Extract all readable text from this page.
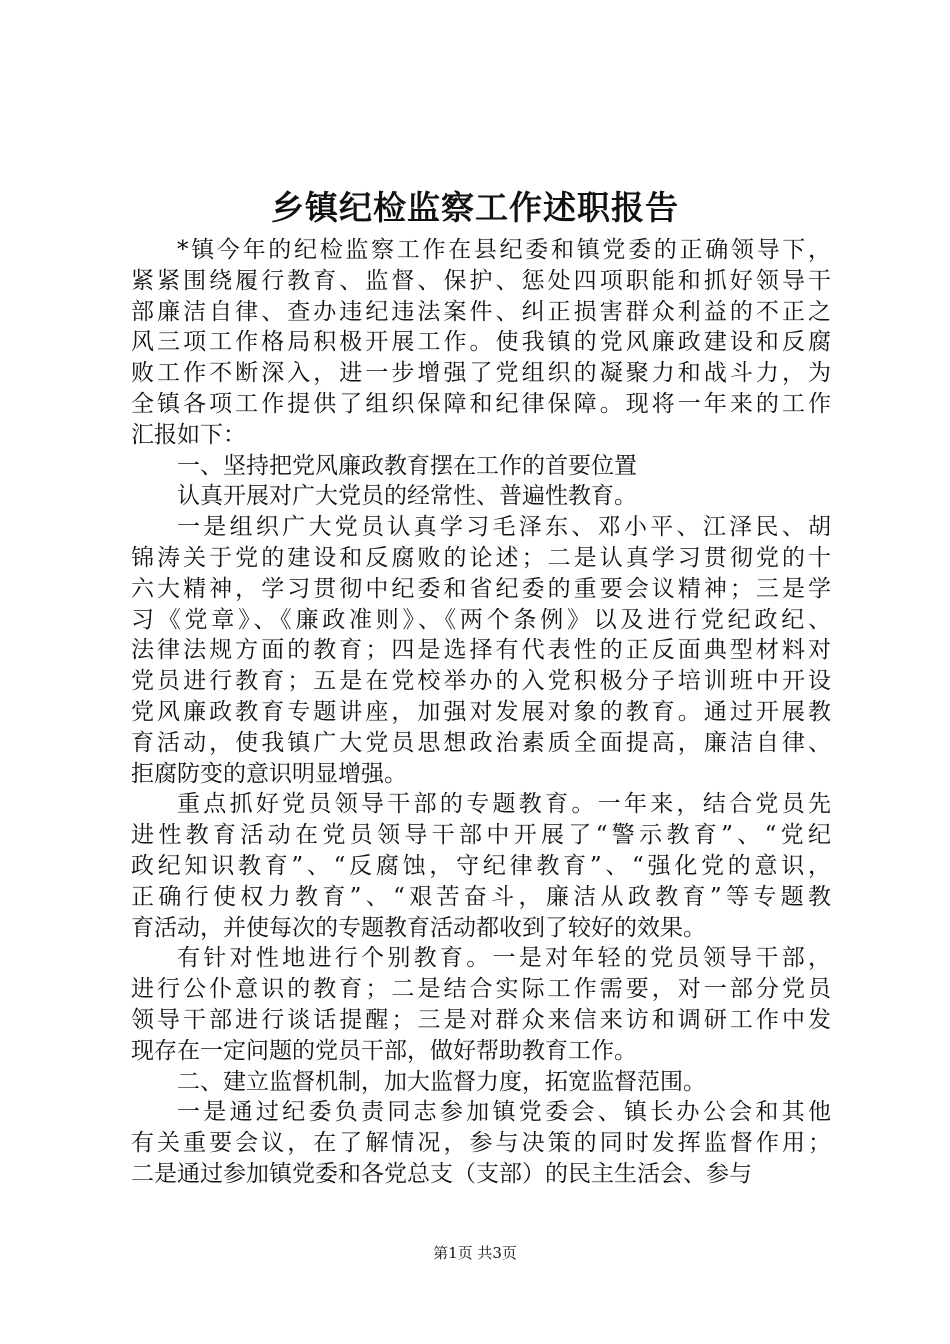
乡镇纪检监察工作述职报告
*镇今年的纪检监察工作在县纪委和镇党委的正确领导下，
紧紧围绕履行教育、监督、保护、惩处四项职能和抓好领导干
部廉洁自律、查办违纪违法案件、纠正损害群众利益的不正之
风三项工作格局积极开展工作。使我镇的党风廉政建设和反腐
败工作不断深入，进一步增强了党组织的凝聚力和战斗力，为
全镇各项工作提供了组织保障和纪律保障。现将一年来的工作
汇报如下：
一、坚持把党风廉政教育摆在工作的首要位置
认真开展对广大党员的经常性、普遍性教育。
一是组织广大党员认真学习毛泽东、邓小平、江泽民、胡
锦涛关于党的建设和反腐败的论述；二是认真学习贯彻党的十
六大精神，学习贯彻中纪委和省纪委的重要会议精神；三是学
习《党章》、《廉政准则》、《两个条例》以及进行党纪政纪、
法律法规方面的教育；四是选择有代表性的正反面典型材料对
党员进行教育；五是在党校举办的入党积极分子培训班中开设
党风廉政教育专题讲座，加强对发展对象的教育。通过开展教
育活动，使我镇广大党员思想政治素质全面提高，廉洁自律、
拒腐防变的意识明显增强。
重点抓好党员领导干部的专题教育。一年来，结合党员先
进性教育活动在党员领导干部中开展了“警示教育”、“党纪
政纪知识教育”、“反腐蚀，守纪律教育”、“强化党的意识，
正确行使权力教育”、“艰苦奋斗，廉洁从政教育”等专题教
育活动，并使每次的专题教育活动都收到了较好的效果。
有针对性地进行个别教育。一是对年轻的党员领导干部，
进行公仆意识的教育；二是结合实际工作需要，对一部分党员
领导干部进行谈话提醒；三是对群众来信来访和调研工作中发
现存在一定问题的党员干部，做好帮助教育工作。
二、建立监督机制，加大监督力度，拓宽监督范围。
一是通过纪委负责同志参加镇党委会、镇长办公会和其他
有关重要会议，在了解情况，参与决策的同时发挥监督作用；
二是通过参加镇党委和各党总支（支部）的民主生活会、参与
第1页 共3页
